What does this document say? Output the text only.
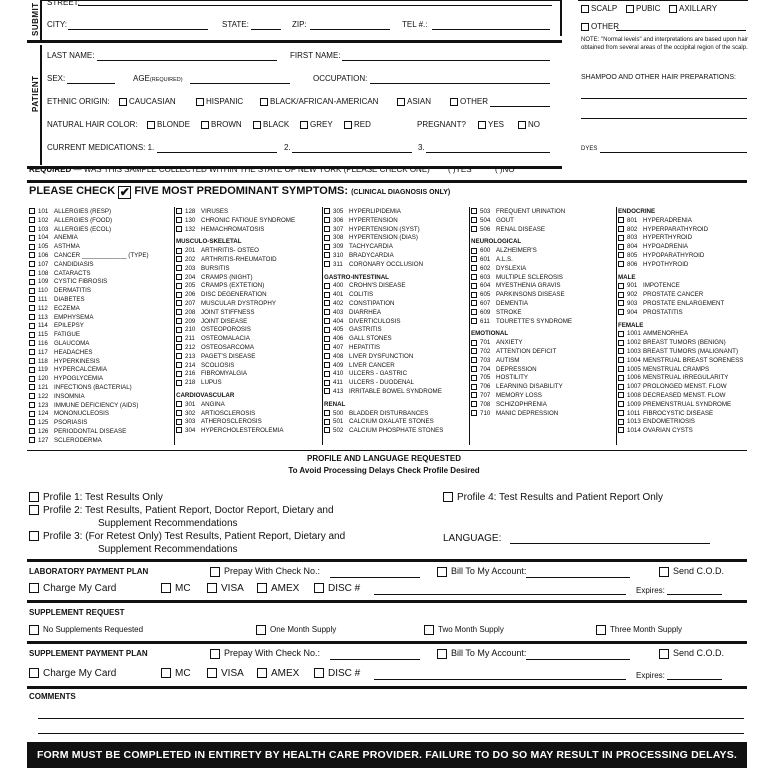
SUBMIT
PATIENT
STREET:
CITY:	STATE:	ZIP:	TEL #.:
SCALP	PUBIC	AXILLARY
OTHER
NOTE: "Normal levels" and interpretations are based upon hair obtained from several areas of the occipital region of the scalp.
SHAMPOO AND OTHER HAIR PREPARATIONS:
DYES
LAST NAME:	FIRST NAME:
SEX:	AGE(REQUIRED)	OCCUPATION:
ETHNIC ORIGIN:	CAUCASIAN	HISPANIC	BLACK/AFRICAN-AMERICAN	ASIAN	OTHER
NATURAL HAIR COLOR:	BLONDE	BROWN	BLACK	GREY	RED	PREGNANT?	YES	NO
CURRENT MEDICATIONS: 1.	2.	3.
REQUIRED — WAS THIS SAMPLE COLLECTED WITHIN THE STATE OF NEW YORK (PLEASE CHECK ONE) ( )YES	( )NO
PLEASE CHECK ✔ FIVE MOST PREDOMINANT SYMPTOMS: (CLINICAL DIAGNOSIS ONLY)
101 ALLERGIES (RESP)
102 ALLERGIES (FOOD)
103 ALLERGIES (ECOL)
104 ANEMIA
105 ASTHMA
106 CANCER _____________ (TYPE)
107 CANDIDIASIS
108 CATARACTS
109 CYSTIC FIBROSIS
110 DERMATITIS
111 DIABETES
112 ECZEMA
113 EMPHYSEMA
114 EPILEPSY
115 FATIGUE
116 GLAUCOMA
117 HEADACHES
118 HYPERKINESIS
119 HYPERCALCEMIA
120 HYPOGLYCEMIA
121 INFECTIONS (BACTERIAL)
122 INSOMNIA
123 IMMUNE DEFICIENCY (AIDS)
124 MONONUCLEOSIS
125 PSORIASIS
126 PERIODONTAL DISEASE
127 SCLERODERMA
128 VIRUSES
130 CHRONIC FATIGUE SYNDROME
132 HEMACHROMATOSIS
MUSCULO-SKELETAL
201 ARTHRITIS- OSTEO
202 ARTHRITIS-RHEUMATOID
203 BURSITIS
204 CRAMPS (NIGHT)
205 CRAMPS (EXTETION)
206 DISC DEGENERATION
207 MUSCULAR DYSTROPHY
208 JOINT STIFFNESS
209 JOINT DISEASE
210 OSTEOPOROSIS
211 OSTEOMALACIA
212 OSTEOSARCOMA
213 PAGET'S DISEASE
214 SCOLIOSIS
216 FIBROMYALGIA
218 LUPUS
CARDIOVASCULAR
301 ANGINA
302 ARTIOSCLEROSIS
303 ATHEROSCLEROSIS
304 HYPERCHOLESTEROLEMIA
305 HYPERLIPIDEMIA
306 HYPERTENSION
307 HYPERTENSION (SYST)
308 HYPERTENSION (DIAS)
309 TACHYCARDIA
310 BRADYCARDIA
311 CORONARY OCCLUSION
GASTRO-INTESTINAL
400 CROHN'S DISEASE
401 COLITIS
402 CONSTIPATION
403 DIARRHEA
404 DIVERTICULOSIS
405 GASTRITIS
406 GALL STONES
407 HEPATITIS
408 LIVER DYSFUNCTION
409 LIVER CANCER
410 ULCERS - GASTRIC
411 ULCERS - DUODENAL
413 IRRITABLE BOWEL SYNDROME
RENAL
500 BLADDER DISTURBANCES
501 CALCIUM OXALATE STONES
502 CALCIUM PHOSPHATE STONES
503 FREQUENT URINATION
504 GOUT
506 RENAL DISEASE
NEUROLOGICAL
600 ALZHEIMER'S
601 A.L.S.
602 DYSLEXIA
603 MULTIPLE SCLEROSIS
604 MYESTHENIA GRAVIS
605 PARKINSONS DISEASE
607 DEMENTIA
609 STROKE
611 TOURETTE'S SYNDROME
EMOTIONAL
701 ANXIETY
702 ATTENTION DEFICIT
703 AUTISM
704 DEPRESSION
705 HOSTILITY
706 LEARNING DISABILITY
707 MEMORY LOSS
708 SCHIZOPHRENIA
710 MANIC DEPRESSION
ENDOCRINE
801 HYPERADRENIA
802 HYPERPARATHYROID
803 HYPERTHYROID
804 HYPOADRENIA
805 HYPOPARATHYROID
806 HYPOTHYROID
MALE
901 IMPOTENCE
902 PROSTATE CANCER
903 PROSTATE ENLARGEMENT
904 PROSTATITIS
FEMALE
1001 AMMENORHEA
1002 BREAST TUMORS (BENIGN)
1003 BREAST TUMORS (MALIGNANT)
1004 MENSTRUAL BREAST SORENESS
1005 MENSTRUAL CRAMPS
1006 MENSTRUAL IRREGULARITY
1007 PROLONGED MENST. FLOW
1008 DECREASED MENST. FLOW
1009 PREMENSTRUAL SYNDROME
1011 FIBROCYSTIC DISEASE
1013 ENDOMETRIOSIS
1014 OVARIAN CYSTS
PROFILE AND LANGUAGE REQUESTED
To Avoid Processing Delays Check Profile Desired
Profile 1: Test Results Only
Profile 2: Test Results, Patient Report, Doctor Report, Dietary and
Supplement Recommendations
Profile 3: (For Retest Only) Test Results, Patient Report, Dietary and
Supplement Recommendations
Profile 4: Test Results and Patient Report Only
LANGUAGE:
LABORATORY PAYMENT PLAN	Prepay With Check No.:	Bill To My Account:	Send C.O.D.
Charge My Card	MC	VISA	AMEX	DISC #	Expires:
SUPPLEMENT REQUEST
No Supplements Requested	One Month Supply	Two Month Supply	Three Month Supply
SUPPLEMENT PAYMENT PLAN	Prepay With Check No.:	Bill To My Account:	Send C.O.D.
Charge My Card	MC	VISA	AMEX	DISC #	Expires:
COMMENTS
FORM MUST BE COMPLETED IN ENTIRETY BY HEALTH CARE PROVIDER. FAILURE TO DO SO MAY RESULT IN PROCESSING DELAYS.
